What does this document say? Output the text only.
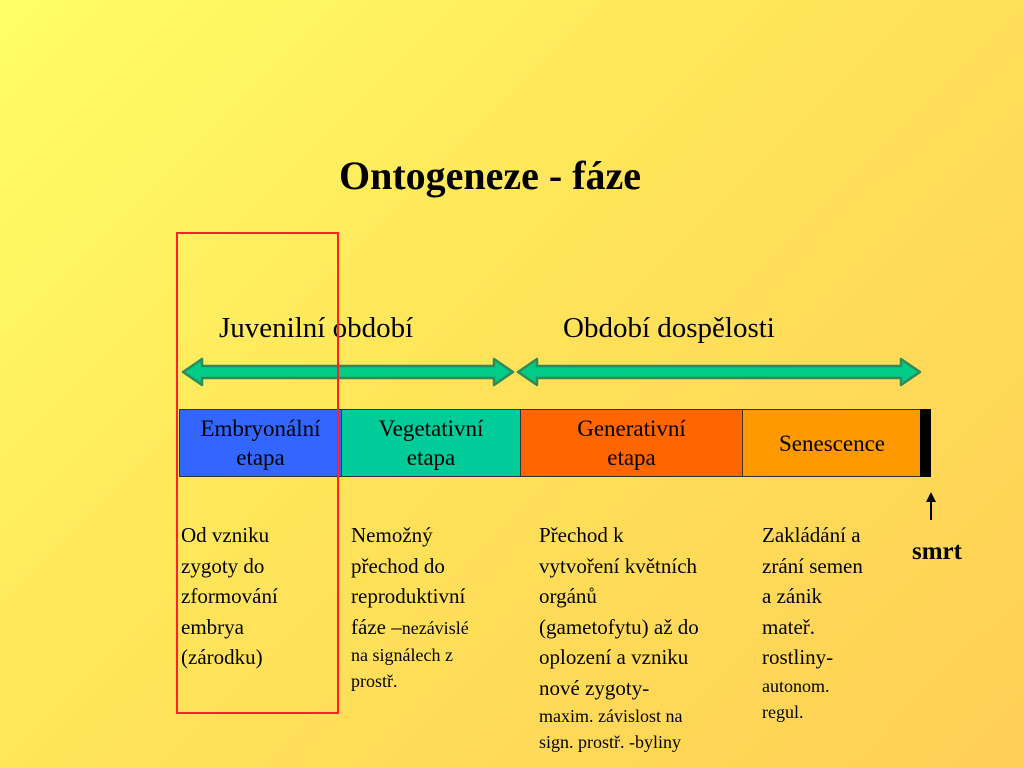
Ontogeneze - fáze
Juvenilní období	Období dospělosti
Embryonální
etapa
Vegetativní
etapa
Generativní
etapa
Senescence
Od vzniku
zygoty do
zformování
embrya
(zárodku)
Nemožný
přechod do
reproduktivní
fáze –nezávislé
na signálech z
prostř.
Přechod k
vytvoření květních
orgánů
(gametofytu) až do
oplození a vzniku
nové zygoty-
maxim. závislost na
sign. prostř. -byliny
Zakládání a
zrání semen
a zánik
mateř.
rostliny-
autonom.
regul.
smrt
